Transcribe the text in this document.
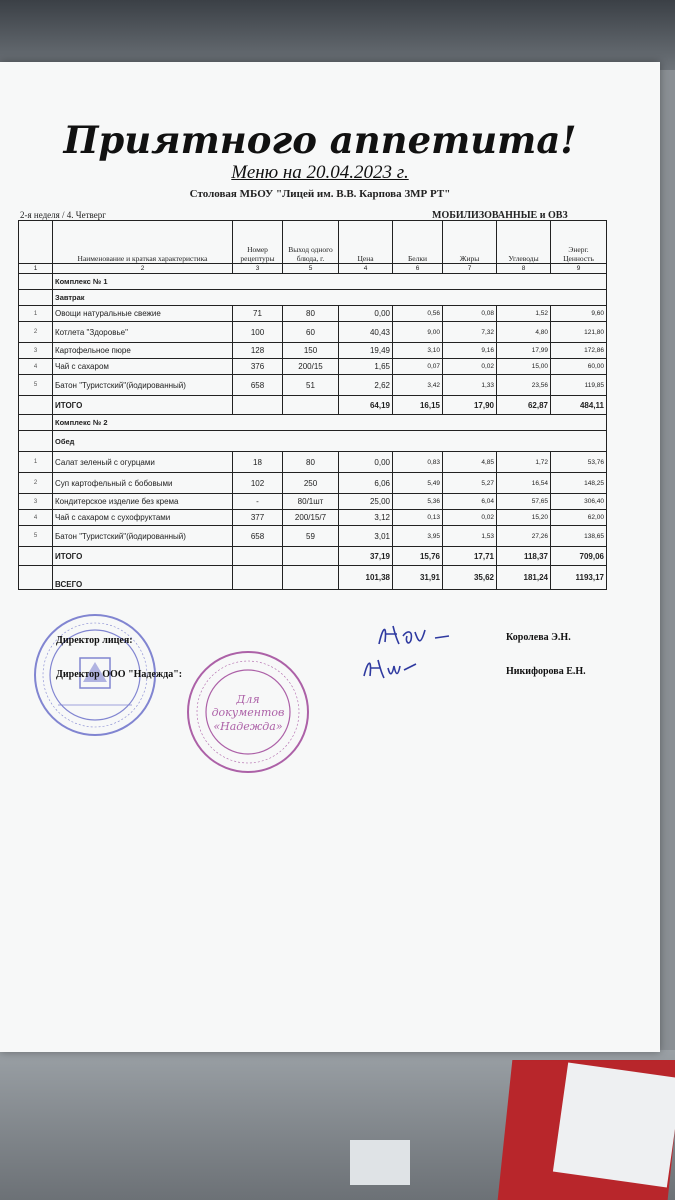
Приятного аппетита!
Меню на 20.04.2023 г.
Столовая МБОУ "Лицей им. В.В. Карпова ЗМР РТ"
2-я неделя / 4. Четверг	МОБИЛИЗОВАННЫЕ и ОВЗ
	Наименование и краткая характеристика	Номер рецептуры	Выход одного блюда, г.	Цена	Белки	Жиры	Углеводы	Энерг. Ценность
1	2	3	5	4	6	7	8	9
	Комплекс № 1							
	Завтрак							
1	Овощи натуральные свежие	71	80	0,00	0,56	0,08	1,52	9,60
2	Котлета "Здоровье"	100	60	40,43	9,00	7,32	4,80	121,80
3	Картофельное пюре	128	150	19,49	3,10	9,16	17,99	172,86
4	Чай с сахаром	376	200/15	1,65	0,07	0,02	15,00	60,00
5	Батон "Туристский"(йодированный)	658	51	2,62	3,42	1,33	23,56	119,85
	ИТОГО			64,19	16,15	17,90	62,87	484,11
	Комплекс № 2							
	Обед							
1	Салат зеленый с огурцами	18	80	0,00	0,83	4,85	1,72	53,76
2	Суп картофельный с бобовыми	102	250	6,06	5,49	5,27	16,54	148,25
3	Кондитерское изделие без крема	-	80/1шт	25,00	5,36	6,04	57,65	306,40
4	Чай с сахаром с сухофруктами	377	200/15/7	3,12	0,13	0,02	15,20	62,00
5	Батон "Туристский"(йодированный)	658	59	3,01	3,95	1,53	27,26	138,65
	ИТОГО			37,19	15,76	17,71	118,37	709,06
	ВСЕГО			101,38	31,91	35,62	181,24	1193,17
Для
документов
«Надежда»
Директор лицея:	Королева Э.Н.
Директор ООО "Надежда":	Никифорова Е.Н.
